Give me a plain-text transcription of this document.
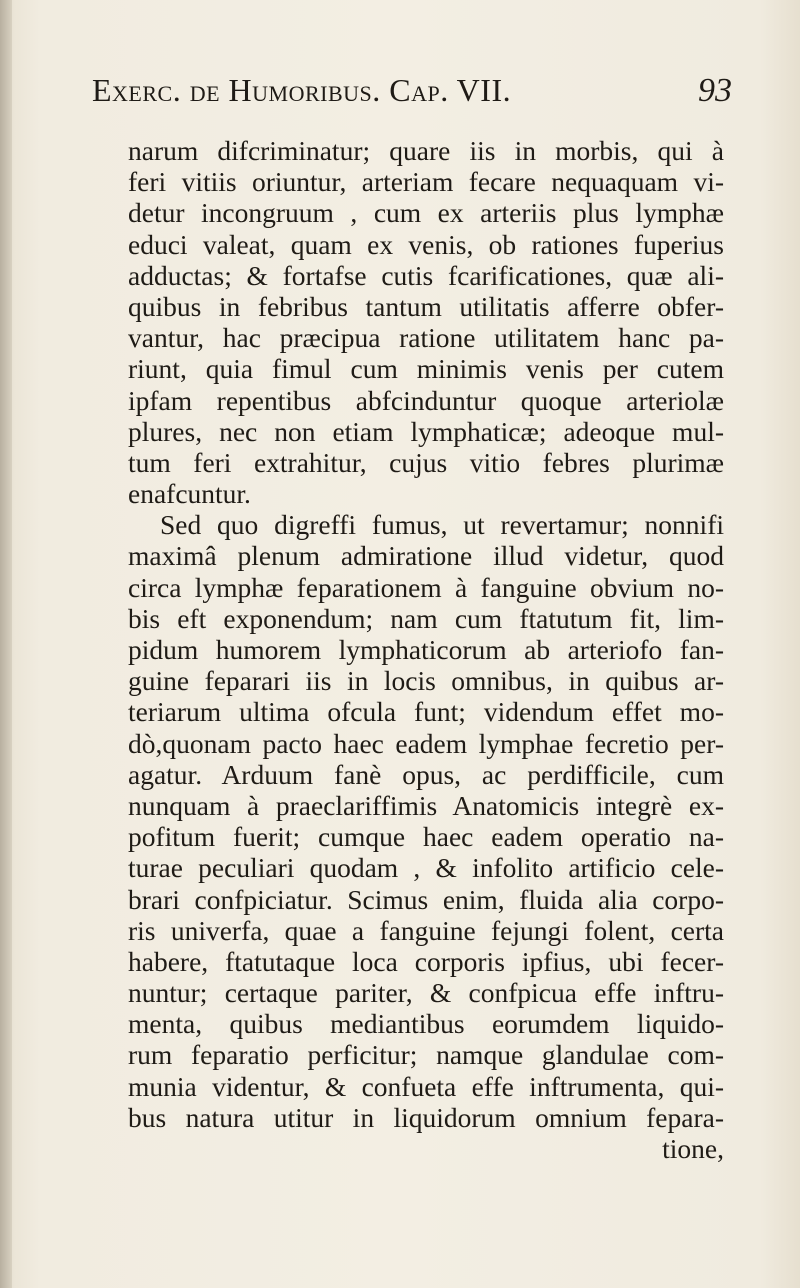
Exerc. de Humoribus. Cap. VII.	93
narum difcriminatur; quare iis in morbis, qui à
feri vitiis oriuntur, arteriam fecare nequaquam vi-
detur incongruum , cum ex arteriis plus lymphæ
educi valeat, quam ex venis, ob rationes fuperius
adductas; & fortafse cutis fcarificationes, quæ ali-
quibus in febribus tantum utilitatis afferre obfer-
vantur, hac præcipua ratione utilitatem hanc pa-
riunt, quia fimul cum minimis venis per cutem
ipfam repentibus abfcinduntur quoque arteriolæ
plures, nec non etiam lymphaticæ; adeoque mul-
tum feri extrahitur, cujus vitio febres plurimæ
enafcuntur.
Sed quo digreffi fumus, ut revertamur; nonnifi
maximâ plenum admiratione illud videtur, quod
circa lymphæ feparationem à fanguine obvium no-
bis eft exponendum; nam cum ftatutum fit, lim-
pidum humorem lymphaticorum ab arteriofo fan-
guine feparari iis in locis omnibus, in quibus ar-
teriarum ultima ofcula funt; videndum effet mo-
dò,quonam pacto haec eadem lymphae fecretio per-
agatur. Arduum fanè opus, ac perdifficile, cum
nunquam à praeclariffimis Anatomicis integrè ex-
pofitum fuerit; cumque haec eadem operatio na-
turae peculiari quodam , & infolito artificio cele-
brari confpiciatur. Scimus enim, fluida alia corpo-
ris univerfa, quae a fanguine fejungi folent, certa
habere, ftatutaque loca corporis ipfius, ubi fecer-
nuntur; certaque pariter, & confpicua effe inftru-
menta, quibus mediantibus eorumdem liquido-
rum feparatio perficitur; namque glandulae com-
munia videntur, & confueta effe inftrumenta, qui-
bus natura utitur in liquidorum omnium fepara-
tione,
